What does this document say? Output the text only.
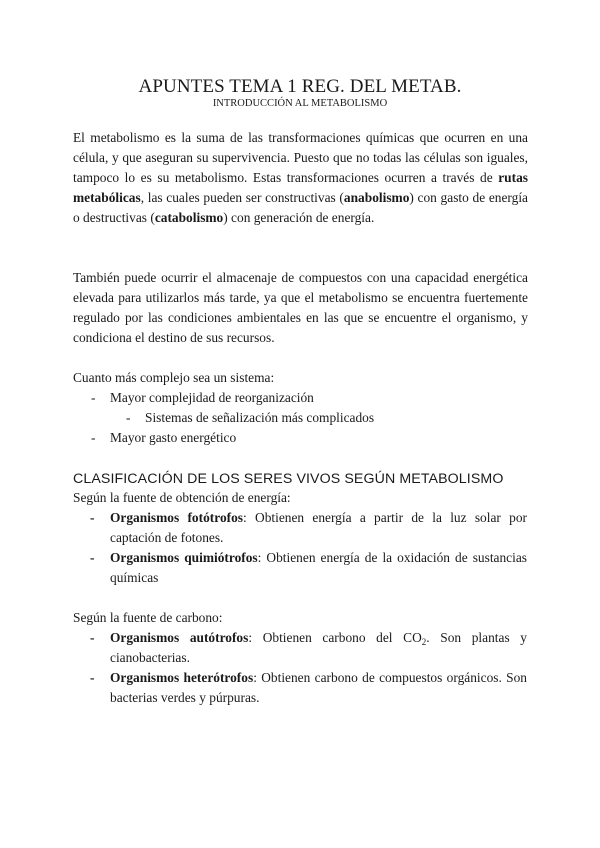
APUNTES TEMA 1 REG. DEL METAB.
INTRODUCCIÓN AL METABOLISMO
El metabolismo es la suma de las transformaciones químicas que ocurren en una célula, y que aseguran su supervivencia. Puesto que no todas las células son iguales, tampoco lo es su metabolismo. Estas transformaciones ocurren a través de rutas metabólicas, las cuales pueden ser constructivas (anabolismo) con gasto de energía o destructivas (catabolismo) con generación de energía.
También puede ocurrir el almacenaje de compuestos con una capacidad energética elevada para utilizarlos más tarde, ya que el metabolismo se encuentra fuertemente regulado por las condiciones ambientales en las que se encuentre el organismo, y condiciona el destino de sus recursos.
Cuanto más complejo sea un sistema:
- Mayor complejidad de reorganización
- Sistemas de señalización más complicados
- Mayor gasto energético
CLASIFICACIÓN DE LOS SERES VIVOS SEGÚN METABOLISMO
Según la fuente de obtención de energía:
- Organismos fotótrofos: Obtienen energía a partir de la luz solar por captación de fotones.
- Organismos quimiótrofos: Obtienen energía de la oxidación de sustancias químicas
Según la fuente de carbono:
- Organismos autótrofos: Obtienen carbono del $CO_2$. Son plantas y cianobacterias.
- Organismos heterótrofos: Obtienen carbono de compuestos orgánicos. Son bacterias verdes y púrpuras.
